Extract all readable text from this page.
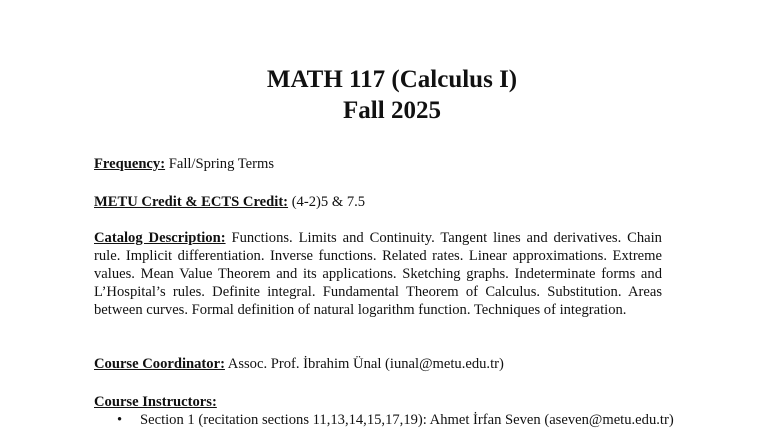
MATH 117 (Calculus I)
Fall 2025
Frequency: Fall/Spring Terms
METU Credit & ECTS Credit: (4-2)5 & 7.5
Catalog Description: Functions. Limits and Continuity. Tangent lines and derivatives. Chain rule. Implicit differentiation. Inverse functions. Related rates. Linear approximations. Extreme values. Mean Value Theorem and its applications. Sketching graphs. Indeterminate forms and L’Hospital’s rules. Definite integral. Fundamental Theorem of Calculus. Substitution. Areas between curves. Formal definition of natural logarithm function. Techniques of integration.
Course Coordinator: Assoc. Prof. İbrahim Ünal (iunal@metu.edu.tr)
Course Instructors:
•	Section 1 (recitation sections 11,13,14,15,17,19): Ahmet İrfan Seven (aseven@metu.edu.tr)
